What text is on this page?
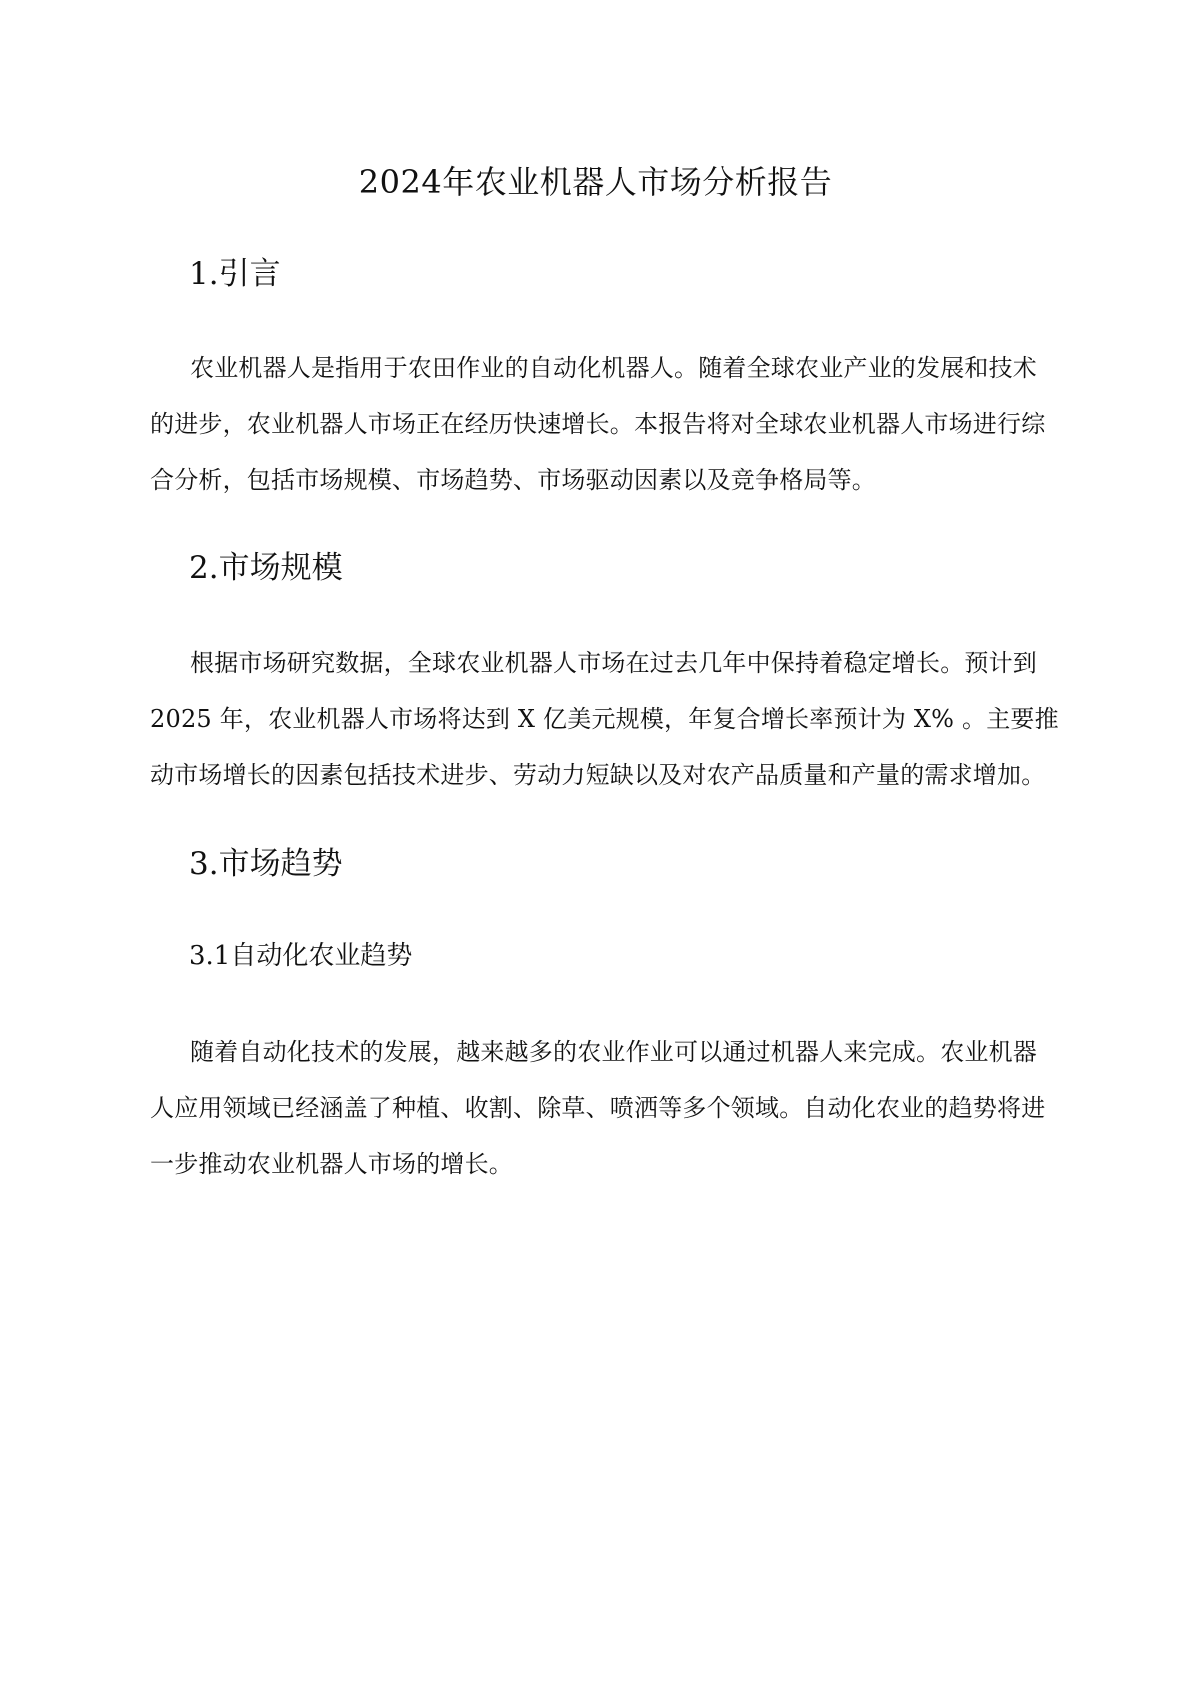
2024年农业机器人市场分析报告
1.引言

农业机器人是指用于农田作业的自动化机器人。随着全球农业产业的发展和技术
的进步，农业机器人市场正在经历快速增长。本报告将对全球农业机器人市场进行综
合分析，包括市场规模、市场趋势、市场驱动因素以及竞争格局等。

2.市场规模

根据市场研究数据，全球农业机器人市场在过去几年中保持着稳定增长。预计到
2025 年，农业机器人市场将达到 X 亿美元规模，年复合增长率预计为 X% 。主要推
动市场增长的因素包括技术进步、劳动力短缺以及对农产品质量和产量的需求增加。

3.市场趋势
3.1自动化农业趋势

随着自动化技术的发展，越来越多的农业作业可以通过机器人来完成。农业机器
人应用领域已经涵盖了种植、收割、除草、喷洒等多个领域。自动化农业的趋势将进
一步推动农业机器人市场的增长。
